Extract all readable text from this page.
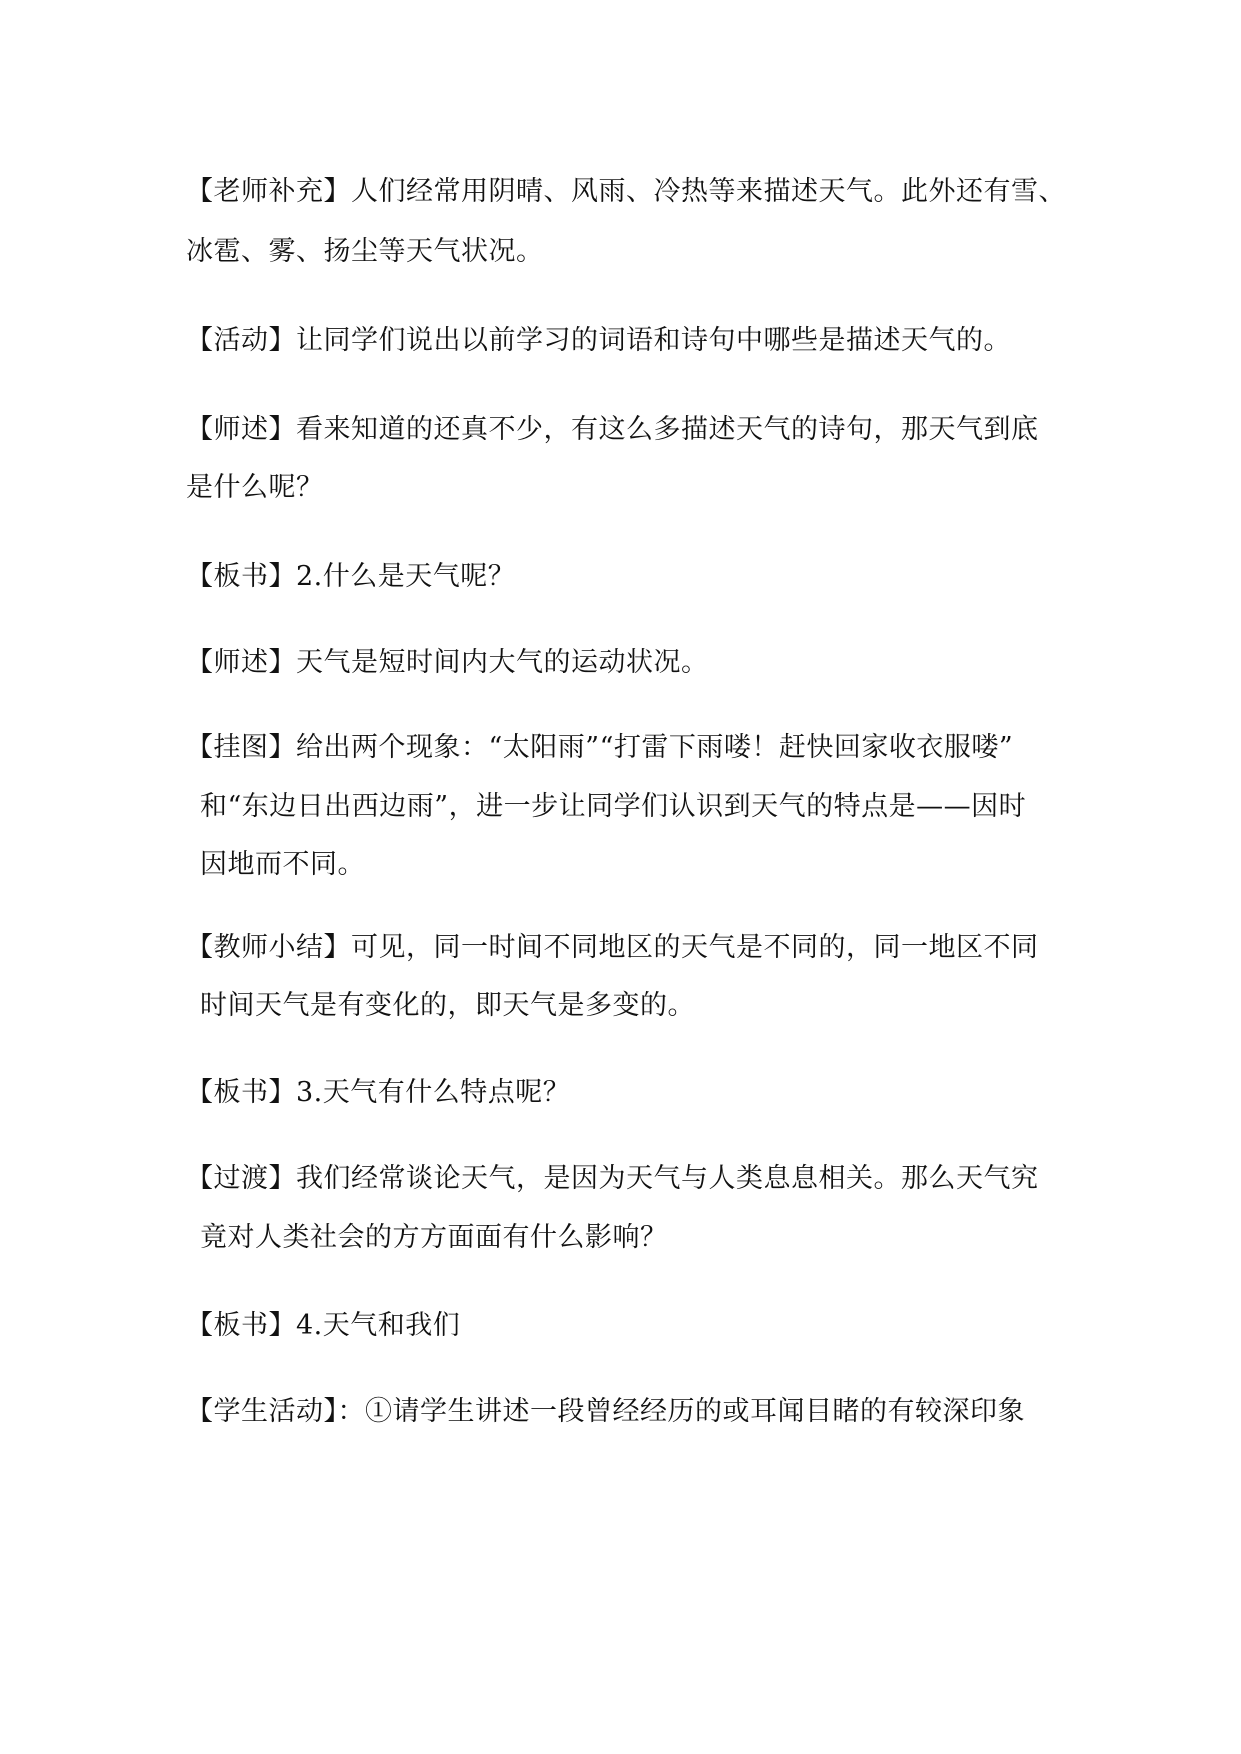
【老师补充】人们经常用阴晴、风雨、冷热等来描述天气。此外还有雪、
冰雹、雾、扬尘等天气状况。
【活动】让同学们说出以前学习的词语和诗句中哪些是描述天气的。
【师述】看来知道的还真不少，有这么多描述天气的诗句，那天气到底
是什么呢？
【板书】2.什么是天气呢？
【师述】天气是短时间内大气的运动状况。
【挂图】给出两个现象：“太阳雨”“打雷下雨喽！赶快回家收衣服喽”
和“东边日出西边雨”，进一步让同学们认识到天气的特点是——因时
因地而不同。
【教师小结】可见，同一时间不同地区的天气是不同的，同一地区不同
时间天气是有变化的，即天气是多变的。
【板书】3.天气有什么特点呢？
【过渡】我们经常谈论天气，是因为天气与人类息息相关。那么天气究
竟对人类社会的方方面面有什么影响？
【板书】4.天气和我们
【学生活动】：①请学生讲述一段曾经经历的或耳闻目睹的有较深印象
